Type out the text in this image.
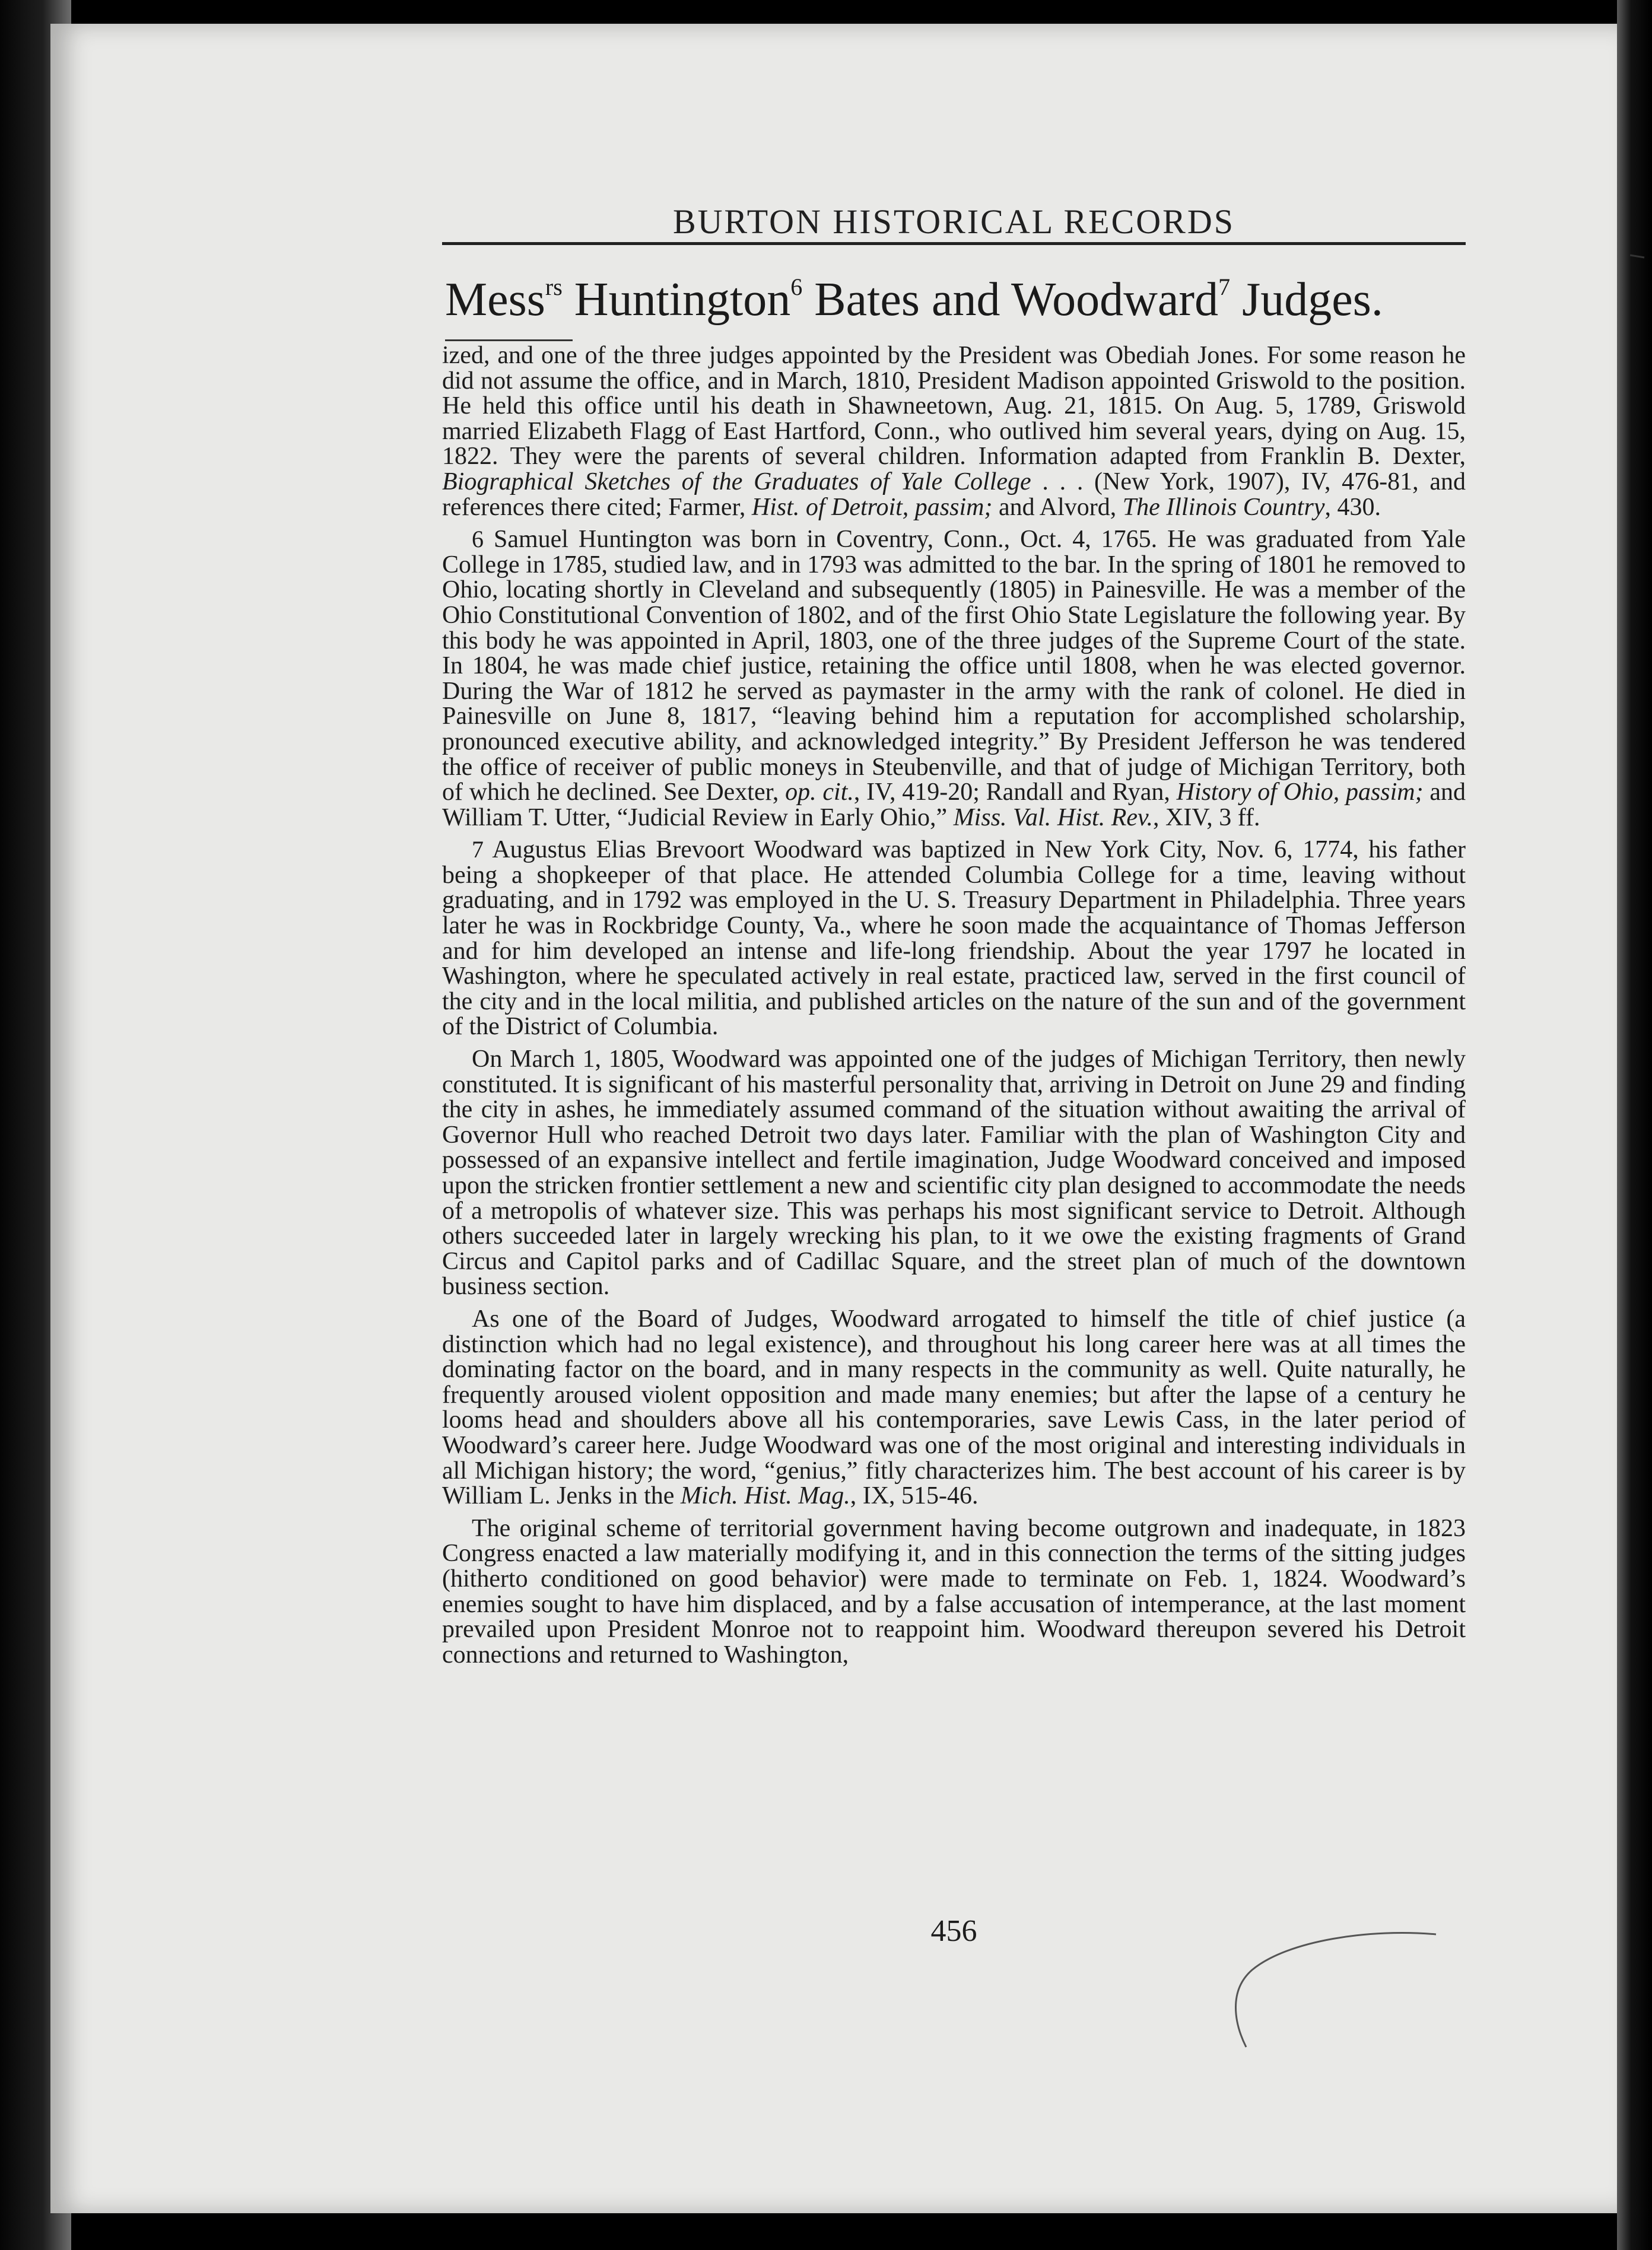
BURTON HISTORICAL RECORDS
Mess$^{rs}$ Huntington$^6$ Bates and Woodward$^7$ Judges.

ized, and one of the three judges appointed by the President was Obediah Jones. For some reason he did not assume the office, and in March, 1810, President Madison appointed Griswold to the position. He held this office until his death in Shawneetown, Aug. 21, 1815. On Aug. 5, 1789, Griswold married Elizabeth Flagg of East Hartford, Conn., who outlived him several years, dying on Aug. 15, 1822. They were the parents of several children. Information adapted from Franklin B. Dexter, Biographical Sketches of the Graduates of Yale College . . . (New York, 1907), IV, 476-81, and references there cited; Farmer, Hist. of Detroit, passim; and Alvord, The Illinois Country, 430.

6 Samuel Huntington was born in Coventry, Conn., Oct. 4, 1765. He was graduated from Yale College in 1785, studied law, and in 1793 was admitted to the bar. In the spring of 1801 he removed to Ohio, locating shortly in Cleveland and subsequently (1805) in Painesville. He was a member of the Ohio Constitutional Convention of 1802, and of the first Ohio State Legislature the following year. By this body he was appointed in April, 1803, one of the three judges of the Supreme Court of the state. In 1804, he was made chief justice, retaining the office until 1808, when he was elected governor. During the War of 1812 he served as paymaster in the army with the rank of colonel. He died in Painesville on June 8, 1817, “leaving behind him a reputation for accomplished scholarship, pronounced executive ability, and acknowledged integrity.” By President Jefferson he was tendered the office of receiver of public moneys in Steubenville, and that of judge of Michigan Territory, both of which he declined. See Dexter, op. cit., IV, 419-20; Randall and Ryan, History of Ohio, passim; and William T. Utter, “Judicial Review in Early Ohio,” Miss. Val. Hist. Rev., XIV, 3 ff.

7 Augustus Elias Brevoort Woodward was baptized in New York City, Nov. 6, 1774, his father being a shopkeeper of that place. He attended Columbia College for a time, leaving without graduating, and in 1792 was employed in the U. S. Treasury Department in Philadelphia. Three years later he was in Rockbridge County, Va., where he soon made the acquaintance of Thomas Jefferson and for him developed an intense and life-long friendship. About the year 1797 he located in Washington, where he speculated actively in real estate, practiced law, served in the first council of the city and in the local militia, and published articles on the nature of the sun and of the government of the District of Columbia.

On March 1, 1805, Woodward was appointed one of the judges of Michigan Territory, then newly constituted. It is significant of his masterful personality that, arriving in Detroit on June 29 and finding the city in ashes, he immediately assumed command of the situation without awaiting the arrival of Governor Hull who reached Detroit two days later. Familiar with the plan of Washington City and possessed of an expansive intellect and fertile imagination, Judge Woodward conceived and imposed upon the stricken frontier settlement a new and scientific city plan designed to accommodate the needs of a metropolis of whatever size. This was perhaps his most significant service to Detroit. Although others succeeded later in largely wrecking his plan, to it we owe the existing fragments of Grand Circus and Capitol parks and of Cadillac Square, and the street plan of much of the downtown business section.

As one of the Board of Judges, Woodward arrogated to himself the title of chief justice (a distinction which had no legal existence), and throughout his long career here was at all times the dominating factor on the board, and in many respects in the community as well. Quite naturally, he frequently aroused violent opposition and made many enemies; but after the lapse of a century he looms head and shoulders above all his contemporaries, save Lewis Cass, in the later period of Woodward’s career here. Judge Woodward was one of the most original and interesting individuals in all Michigan history; the word, “genius,” fitly characterizes him. The best account of his career is by William L. Jenks in the Mich. Hist. Mag., IX, 515-46.

The original scheme of territorial government having become outgrown and inadequate, in 1823 Congress enacted a law materially modifying it, and in this connection the terms of the sitting judges (hitherto conditioned on good behavior) were made to terminate on Feb. 1, 1824. Woodward’s enemies sought to have him displaced, and by a false accusation of intemperance, at the last moment prevailed upon President Monroe not to reappoint him. Woodward thereupon severed his Detroit connections and returned to Washington,

456
